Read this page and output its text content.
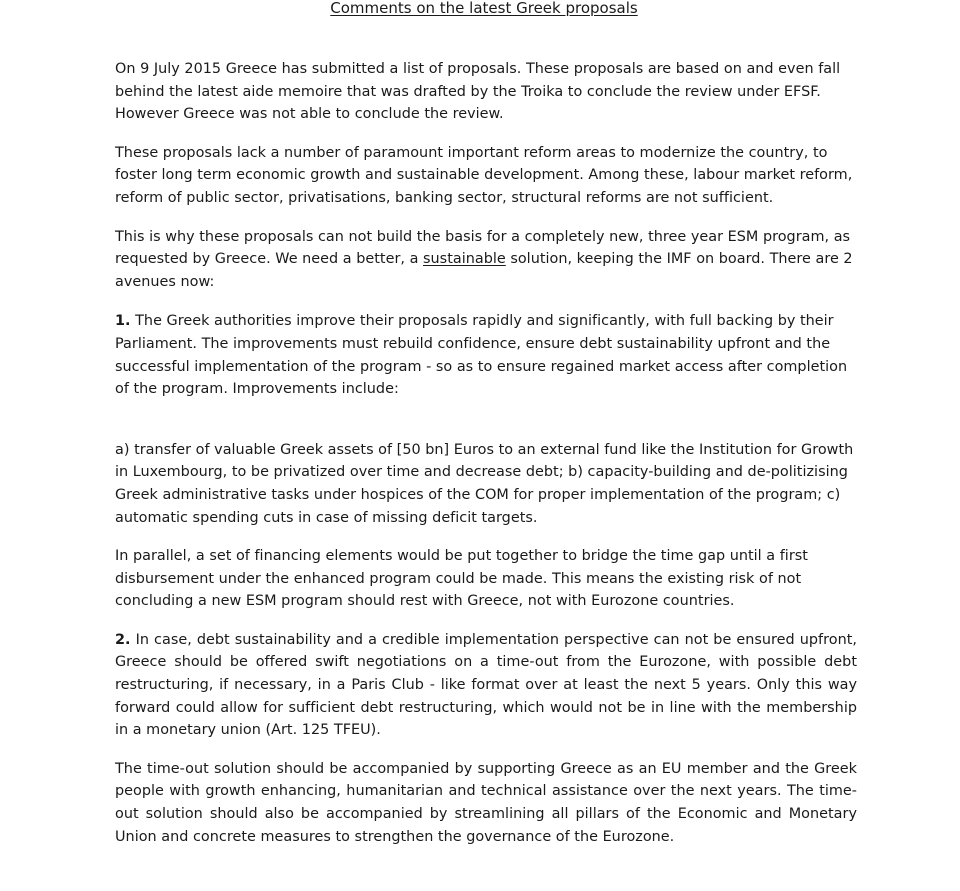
Comments on the latest Greek proposals

On 9 July 2015 Greece has submitted a list of proposals. These proposals are based on and even fall behind the latest aide memoire that was drafted by the Troika to conclude the review under EFSF. However Greece was not able to conclude the review.

These proposals lack a number of paramount important reform areas to modernize the country, to foster long term economic growth and sustainable development. Among these, labour market reform, reform of public sector, privatisations, banking sector, structural reforms are not sufficient.

This is why these proposals can not build the basis for a completely new, three year ESM program, as requested by Greece. We need a better, a sustainable solution, keeping the IMF on board. There are 2 avenues now:

1. The Greek authorities improve their proposals rapidly and significantly, with full backing by their Parliament. The improvements must rebuild confidence, ensure debt sustainability upfront and the successful implementation of the program - so as to ensure regained market access after completion of the program. Improvements include:

a) transfer of valuable Greek assets of [50 bn] Euros to an external fund like the Institution for Growth in Luxembourg, to be privatized over time and decrease debt; b) capacity-building and de-politizising Greek administrative tasks under hospices of the COM for proper implementation of the program; c) automatic spending cuts in case of missing deficit targets.

In parallel, a set of financing elements would be put together to bridge the time gap until a first disbursement under the enhanced program could be made. This means the existing risk of not concluding a new ESM program should rest with Greece, not with Eurozone countries.

2. In case, debt sustainability and a credible implementation perspective can not be ensured upfront, Greece should be offered swift negotiations on a time-out from the Eurozone, with possible debt restructuring, if necessary, in a Paris Club - like format over at least the next 5 years. Only this way forward could allow for sufficient debt restructuring, which would not be in line with the membership in a monetary union (Art. 125 TFEU).

The time-out solution should be accompanied by supporting Greece as an EU member and the Greek people with growth enhancing, humanitarian and technical assistance over the next years. The time-out solution should also be accompanied by streamlining all pillars of the Economic and Monetary Union and concrete measures to strengthen the governance of the Eurozone.
